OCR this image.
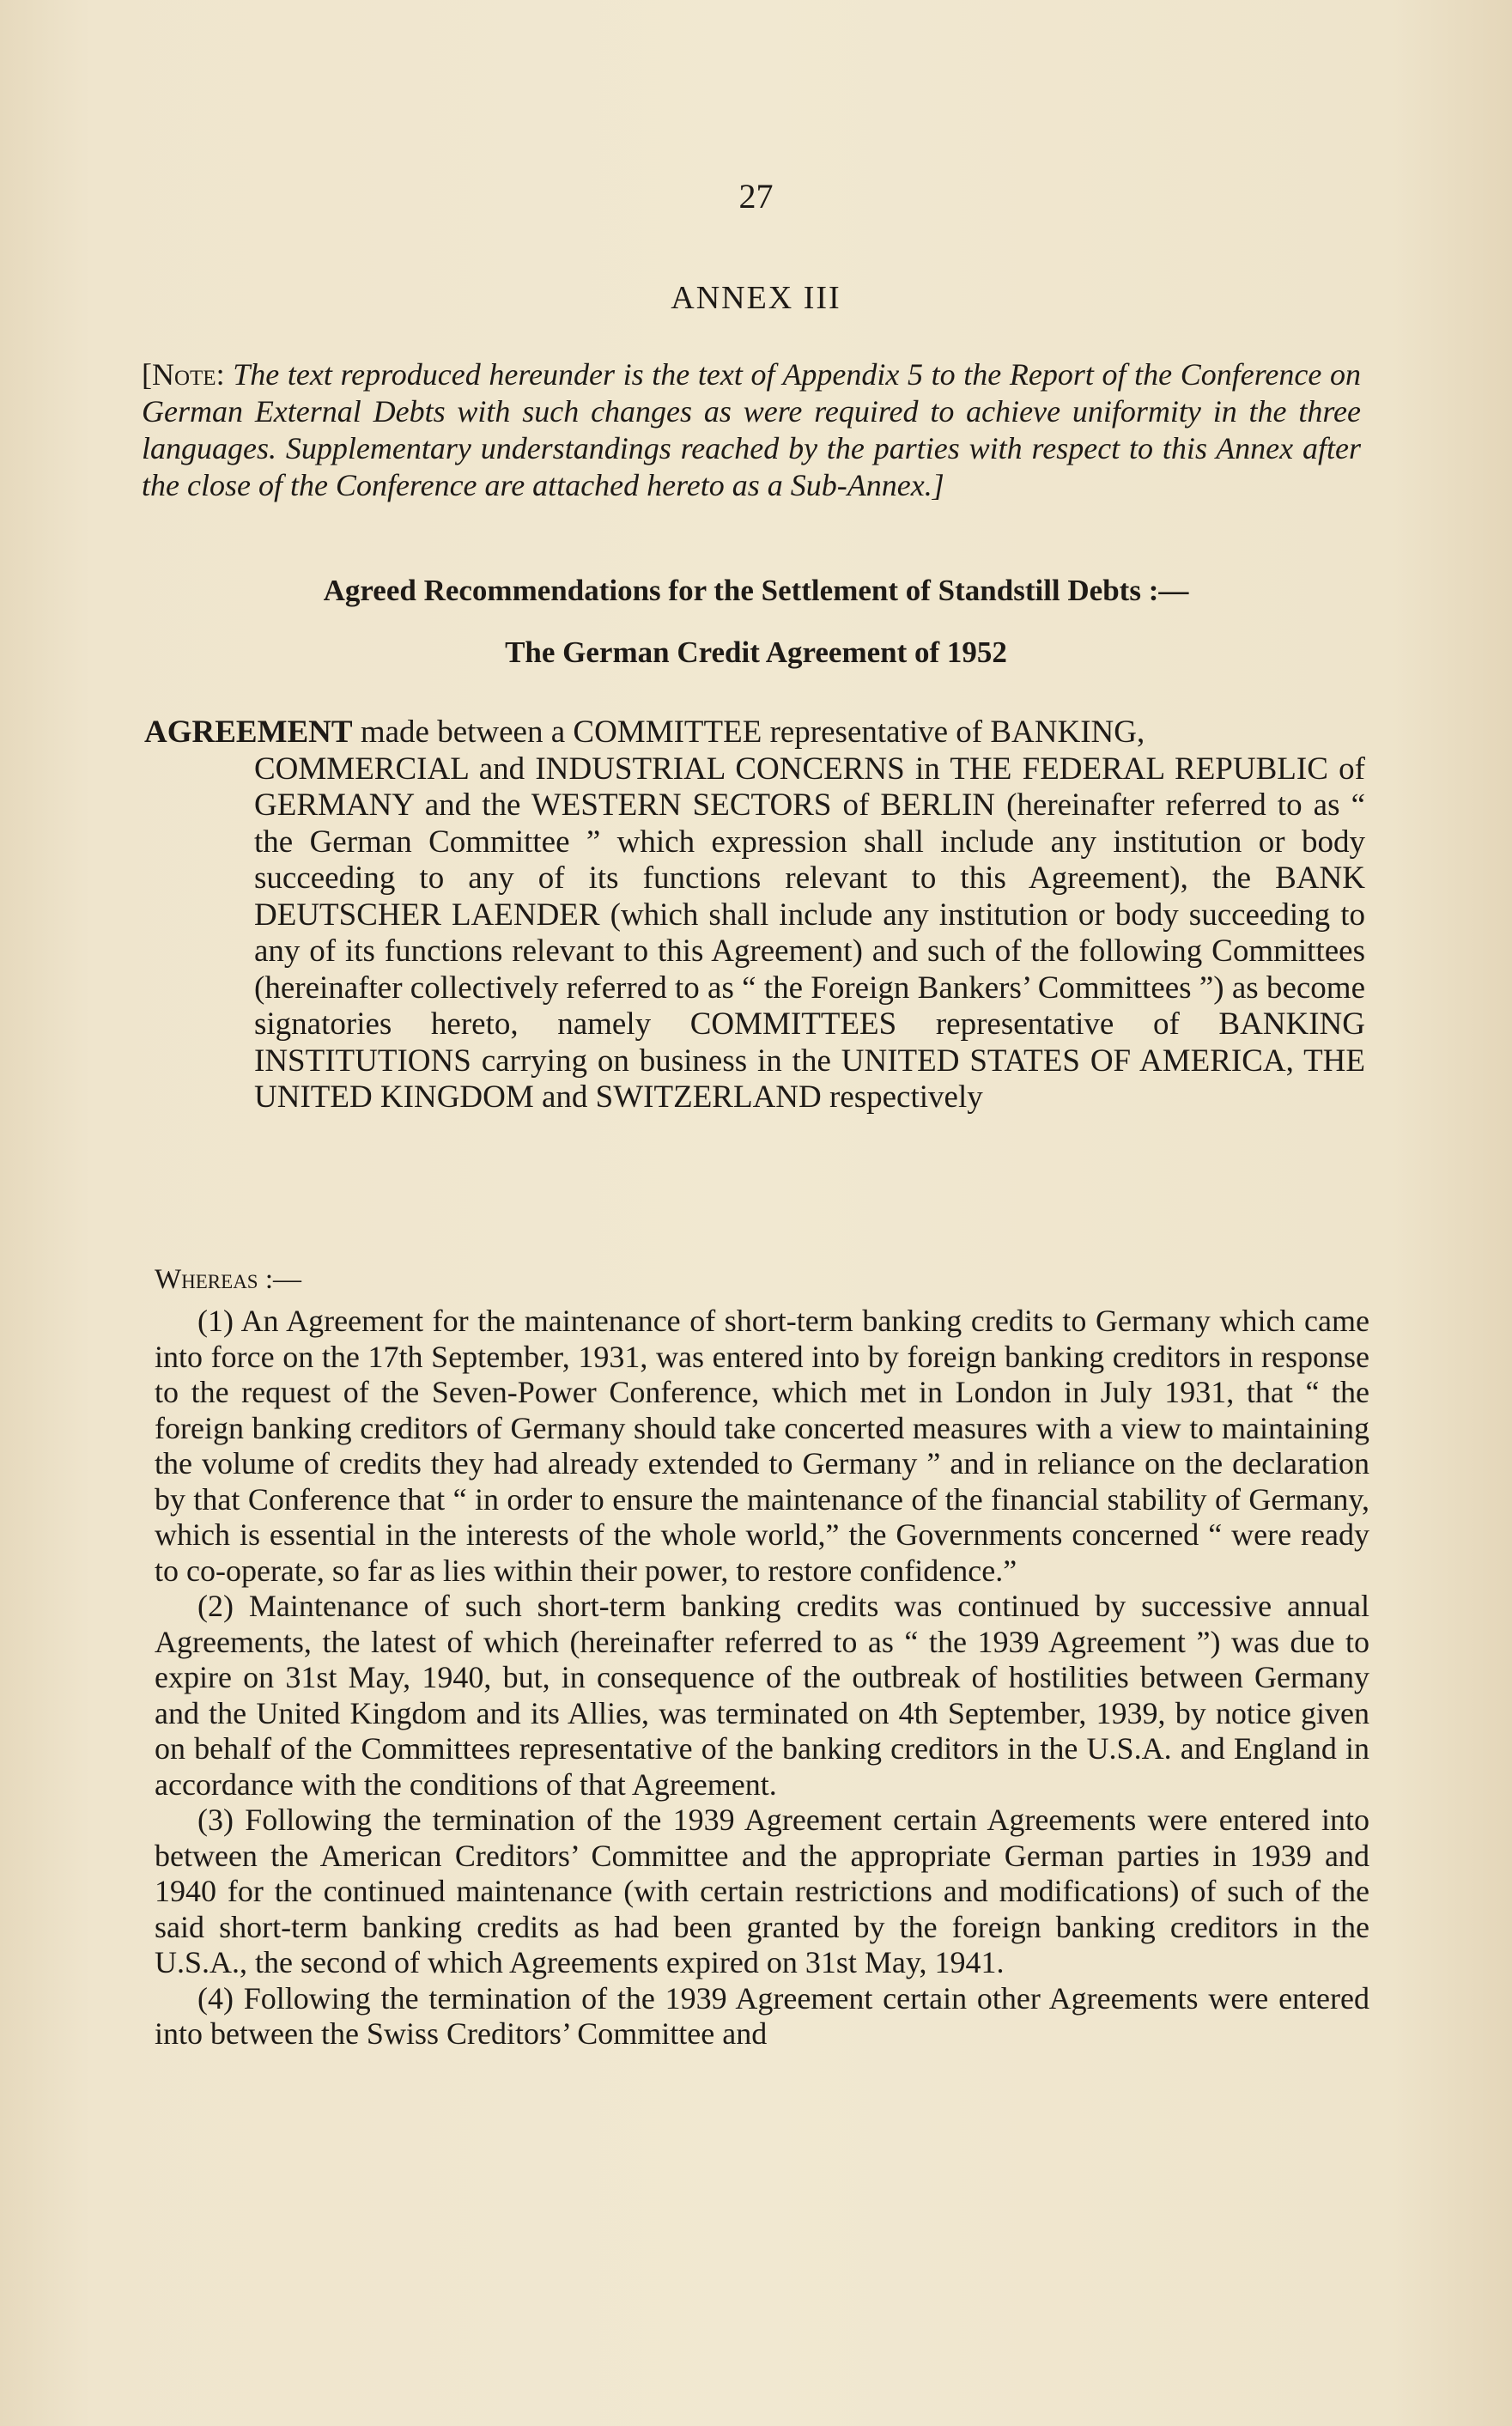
27
ANNEX III
[Note: The text reproduced hereunder is the text of Appendix 5 to the Report of the Conference on German External Debts with such changes as were required to achieve uniformity in the three languages. Supplementary understandings reached by the parties with respect to this Annex after the close of the Conference are attached hereto as a Sub-Annex.]
Agreed Recommendations for the Settlement of Standstill Debts :—
The German Credit Agreement of 1952
AGREEMENT made between a COMMITTEE representative of BANKING,
COMMERCIAL and INDUSTRIAL CONCERNS in THE FEDERAL REPUBLIC of GERMANY and the WESTERN SECTORS of BERLIN (hereinafter referred to as “ the German Committee ” which expression shall include any institution or body succeeding to any of its functions relevant to this Agreement), the BANK DEUTSCHER LAENDER (which shall include any institution or body succeeding to any of its functions relevant to this Agreement) and such of the following Committees (hereinafter collectively referred to as “ the Foreign Bankers’ Committees ”) as become signatories hereto, namely COMMITTEES representative of BANKING INSTITUTIONS carrying on business in the UNITED STATES OF AMERICA, THE UNITED KINGDOM and SWITZERLAND respectively
Whereas :—

(1) An Agreement for the maintenance of short-term banking credits to Germany which came into force on the 17th September, 1931, was entered into by foreign banking creditors in response to the request of the Seven-Power Conference, which met in London in July 1931, that “ the foreign banking creditors of Germany should take concerted measures with a view to maintaining the volume of credits they had already extended to Germany ” and in reliance on the declaration by that Conference that “ in order to ensure the maintenance of the financial stability of Germany, which is essential in the interests of the whole world,” the Governments concerned “ were ready to co-operate, so far as lies within their power, to restore confidence.”

(2) Maintenance of such short-term banking credits was continued by successive annual Agreements, the latest of which (hereinafter referred to as “ the 1939 Agreement ”) was due to expire on 31st May, 1940, but, in consequence of the outbreak of hostilities between Germany and the United Kingdom and its Allies, was terminated on 4th September, 1939, by notice given on behalf of the Committees representative of the banking creditors in the U.S.A. and England in accordance with the conditions of that Agreement.

(3) Following the termination of the 1939 Agreement certain Agreements were entered into between the American Creditors’ Committee and the appropriate German parties in 1939 and 1940 for the continued maintenance (with certain restrictions and modifications) of such of the said short-term banking credits as had been granted by the foreign banking creditors in the U.S.A., the second of which Agreements expired on 31st May, 1941.

(4) Following the termination of the 1939 Agreement certain other Agreements were entered into between the Swiss Creditors’ Committee and
